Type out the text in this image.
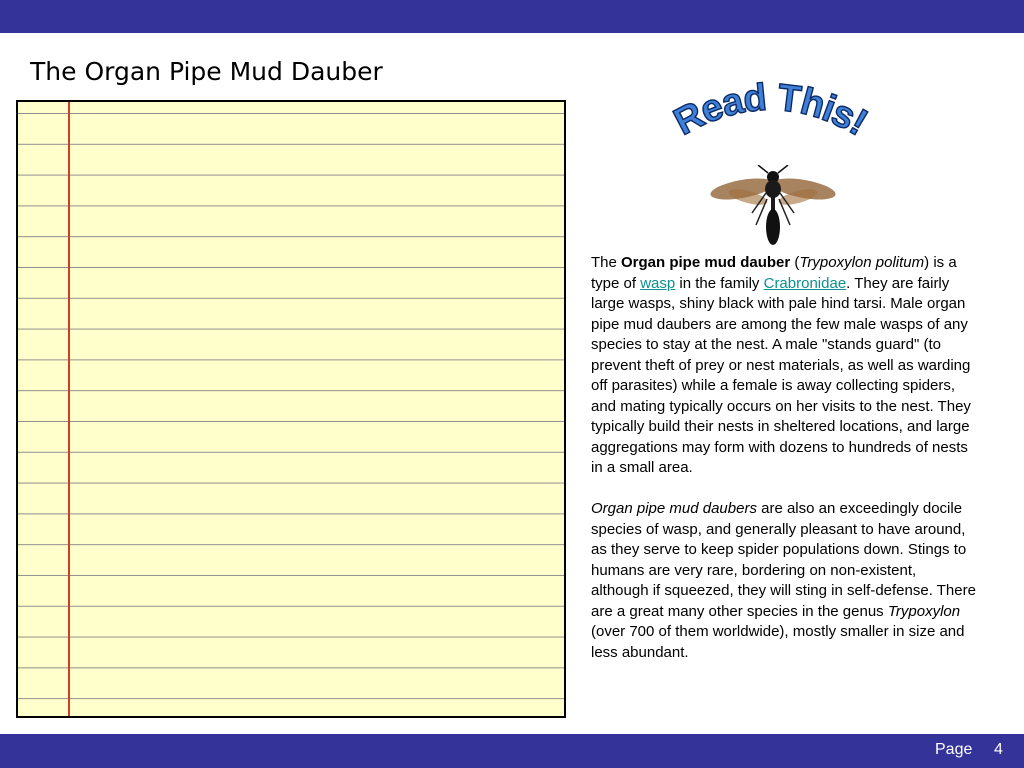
The Organ Pipe Mud Dauber
Read This!

The Organ pipe mud dauber (Trypoxylon politum) is a type of wasp in the family Crabronidae. They are fairly large wasps, shiny black with pale hind tarsi. Male organ pipe mud daubers are among the few male wasps of any species to stay at the nest. A male "stands guard" (to prevent theft of prey or nest materials, as well as warding off parasites) while a female is away collecting spiders, and mating typically occurs on her visits to the nest. They typically build their nests in sheltered locations, and large aggregations may form with dozens to hundreds of nests in a small area.

Organ pipe mud daubers are also an exceedingly docile species of wasp, and generally pleasant to have around, as they serve to keep spider populations down. Stings to humans are very rare, bordering on non-existent, although if squeezed, they will sting in self-defense. There are a great many other species in the genus Trypoxylon (over 700 of them worldwide), mostly smaller in size and less abundant.

Page 4
